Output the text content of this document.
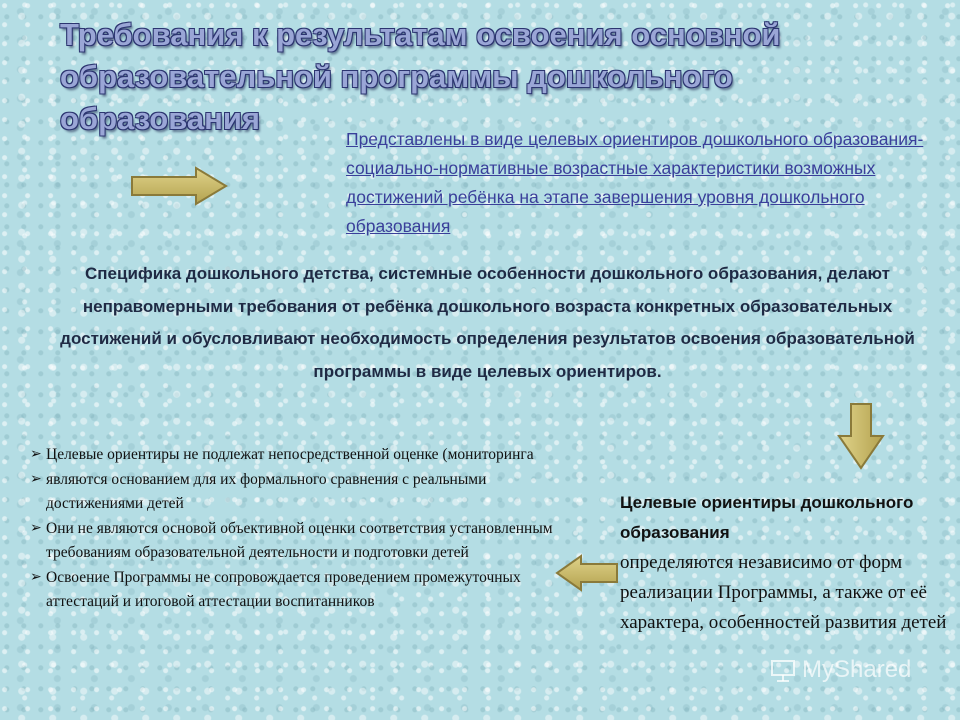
Требования к результатам освоения основной образовательной программы дошкольного образования
Представлены в виде целевых ориентиров дошкольного образования- социально-нормативные возрастные характеристики возможных достижений ребёнка на этапе завершения уровня дошкольного образования
Специфика дошкольного детства, системные особенности дошкольного образования, делают неправомерными требования от ребёнка дошкольного возраста конкретных образовательных достижений и обусловливают необходимость определения результатов освоения образовательной программы в виде целевых ориентиров.
➢ Целевые ориентиры не подлежат непосредственной оценке (мониторинга
➢ являются основанием для их формального сравнения с реальными достижениями детей
➢ Они не являются основой объективной оценки соответствия установленным требованиям образовательной деятельности и подготовки детей
➢ Освоение Программы не сопровождается проведением промежуточных аттестаций и итоговой аттестации воспитанников
Целевые ориентиры дошкольного образования
определяются независимо от форм реализации Программы, а также от её характера, особенностей развития детей
MyShared
